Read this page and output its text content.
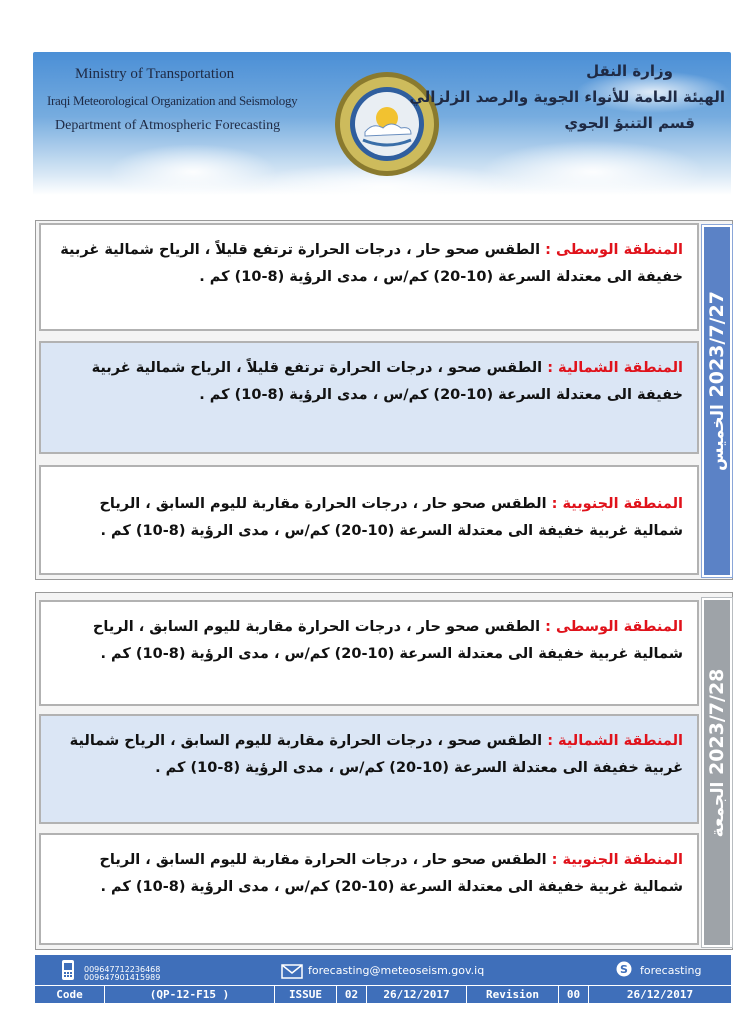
Ministry of Transportation
Iraqi Meteorological Organization and Seismology
Department of Atmospheric Forecasting
وزارة النقل
الهيئة العامة للأنواء الجوية والرصد الزلزالي
قسم التنبؤ الجوي
2023/7/27 الخميس
المنطقة الوسطى : الطقس صحو حار ، درجات الحرارة ترتفع قليلاً ، الرياح شمالية غربية خفيفة الى معتدلة السرعة (10-20) كم/س ، مدى الرؤية (8-10) كم .
المنطقة الشمالية : الطقس صحو ، درجات الحرارة ترتفع قليلاً ، الرياح شمالية غربية خفيفة الى معتدلة السرعة (10-20) كم/س ، مدى الرؤية (8-10) كم .
المنطقة الجنوبية : الطقس صحو حار ، درجات الحرارة مقاربة لليوم السابق ، الرياح شمالية غربية خفيفة الى معتدلة السرعة (10-20) كم/س ، مدى الرؤية (8-10) كم .
2023/7/28 الجمعة
المنطقة الوسطى : الطقس صحو حار ، درجات الحرارة مقاربة لليوم السابق ، الرياح شمالية غربية خفيفة الى معتدلة السرعة (10-20) كم/س ، مدى الرؤية (8-10) كم .
المنطقة الشمالية : الطقس صحو ، درجات الحرارة مقاربة لليوم السابق ، الرياح شمالية غربية خفيفة الى معتدلة السرعة (10-20) كم/س ، مدى الرؤية (8-10) كم .
المنطقة الجنوبية : الطقس صحو حار ، درجات الحرارة مقاربة لليوم السابق ، الرياح شمالية غربية خفيفة الى معتدلة السرعة (10-20) كم/س ، مدى الرؤية (8-10) كم .
009647712236468
009647901415989
forecasting@meteoseism.gov.iq	S forecasting
Code	(QP-12-F15 )	ISSUE	02	26/12/2017	Revision	00	26/12/2017
